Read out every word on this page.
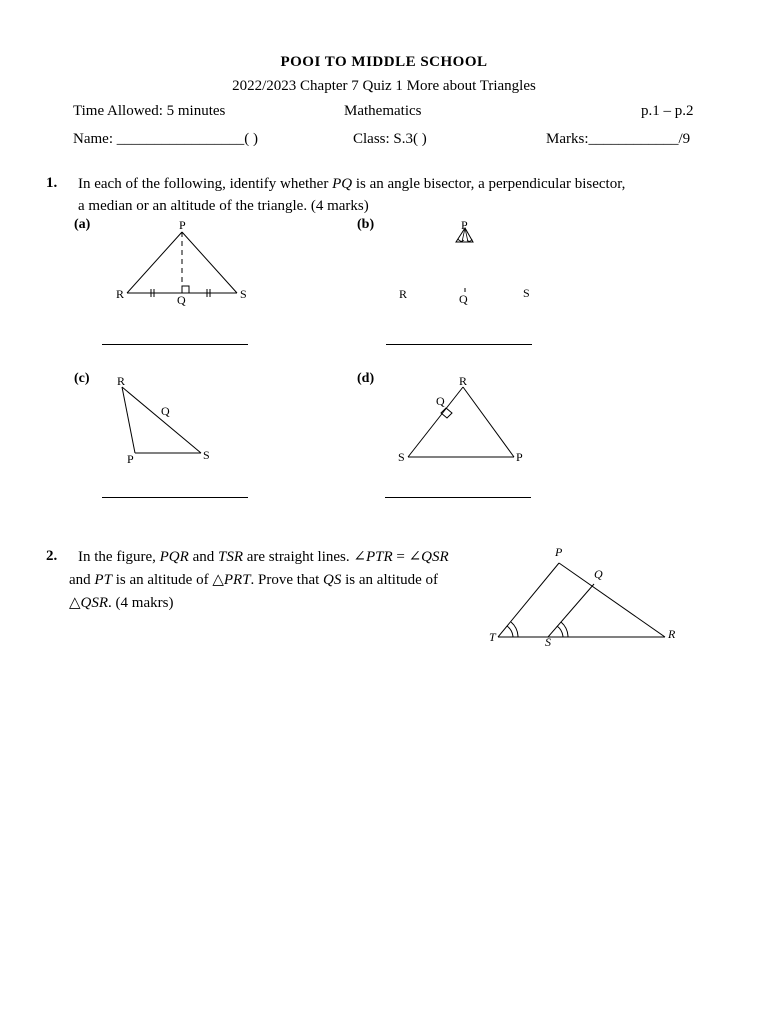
POOI TO MIDDLE SCHOOL
2022/2023 Chapter 7 Quiz 1 More about Triangles
Time Allowed: 5 minutes	Mathematics	p.1 – p.2
Name: _________________( )	Class: S.3( )	Marks:____________/9
1. In each of the following, identify whether PQ is an angle bisector, a perpendicular bisector,
a median or an altitude of the triangle. (4 marks)
(a)	P
R	Q	S
(b)	P
R	Q	S
(c) R
Q
P	S
(d)	R
Q
S	P
2. In the figure, PQR and TSR are straight lines. ∠PTR = ∠QSR
and PT is an altitude of △PRT. Prove that QS is an altitude of
△QSR. (4 makrs)
P
Q
T	S
R
